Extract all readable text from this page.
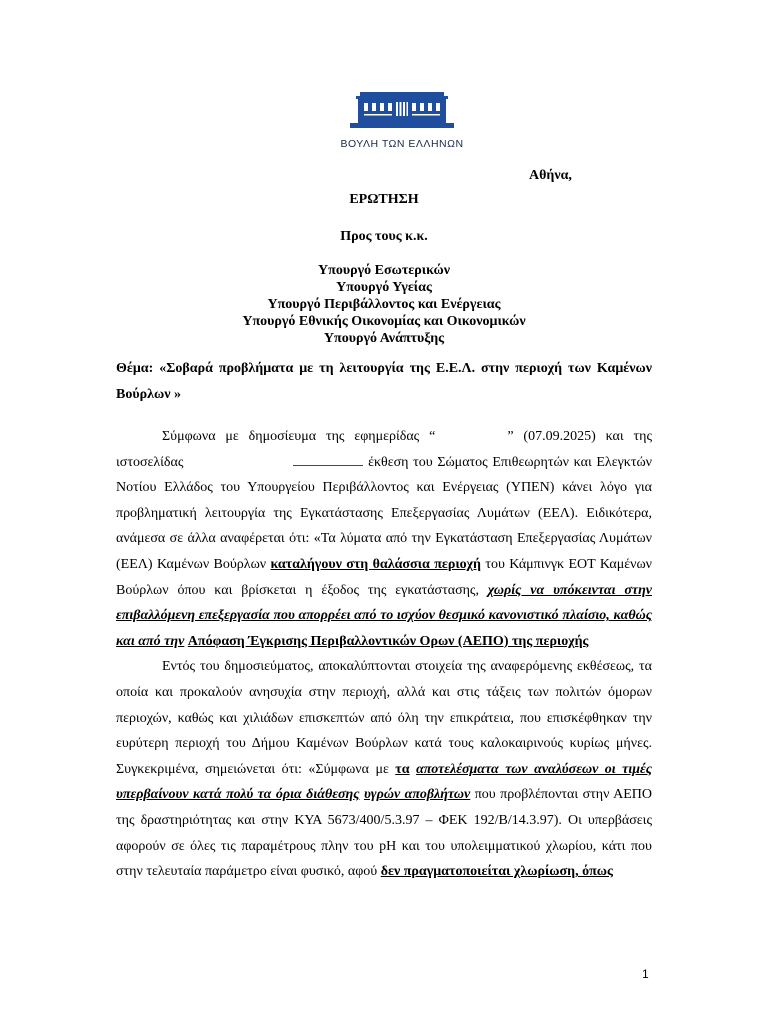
ΒΟΥΛΗ ΤΩΝ ΕΛΛΗΝΩΝ
Αθήνα,
ΕΡΩΤΗΣΗ
Προς τους κ.κ.
Υπουργό Εσωτερικών
Υπουργό Υγείας
Υπουργό Περιβάλλοντος και Ενέργειας
Υπουργό Εθνικής Οικονομίας και Οικονομικών
Υπουργό Ανάπτυξης
Θέμα: «Σοβαρά προβλήματα με τη λειτουργία της Ε.Ε.Λ. στην περιοχή των Καμένων Βούρλων »

Σύμφωνα με δημοσίευμα της εφημερίδας “	” (07.09.2025) και της ιστοσελίδας	έκθεση του Σώματος Επιθεωρητών και Ελεγκτών Νοτίου Ελλάδος του Υπουργείου Περιβάλλοντος και Ενέργειας (ΥΠΕΝ) κάνει λόγο για προβληματική λειτουργία της Εγκατάστασης Επεξεργασίας Λυμάτων (ΕΕΛ). Ειδικότερα, ανάμεσα σε άλλα αναφέρεται ότι: «Τα λύματα από την Εγκατάσταση Επεξεργασίας Λυμάτων (ΕΕΛ) Καμένων Βούρλων καταλήγουν στη θαλάσσια περιοχή του Κάμπινγκ ΕΟΤ Καμένων Βούρλων όπου και βρίσκεται η έξοδος της εγκατάστασης, χωρίς να υπόκεινται στην επιβαλλόμενη επεξεργασία που απορρέει από το ισχύον θεσμικό κανονιστικό πλαίσιο, καθώς και από την Απόφαση Έγκρισης Περιβαλλοντικών Ορων (ΑΕΠΟ) της περιοχής

Εντός του δημοσιεύματος, αποκαλύπτονται στοιχεία της αναφερόμενης εκθέσεως, τα οποία και προκαλούν ανησυχία στην περιοχή, αλλά και στις τάξεις των πολιτών όμορων περιοχών, καθώς και χιλιάδων επισκεπτών από όλη την επικράτεια, που επισκέφθηκαν την ευρύτερη περιοχή του Δήμου Καμένων Βούρλων κατά τους καλοκαιρινούς κυρίως μήνες. Συγκεκριμένα, σημειώνεται ότι: «Σύμφωνα με τα αποτελέσματα των αναλύσεων οι τιμές υπερβαίνουν κατά πολύ τα όρια διάθεσης υγρών αποβλήτων που προβλέπονται στην ΑΕΠΟ της δραστηριότητας και στην ΚΥΑ 5673/400/5.3.97 – ΦΕΚ 192/Β/14.3.97). Οι υπερβάσεις αφορούν σε όλες τις παραμέτρους πλην του pH και του υπολειμματικού χλωρίου, κάτι που στην τελευταία παράμετρο είναι φυσικό, αφού δεν πραγματοποιείται χλωρίωση, όπως

1
